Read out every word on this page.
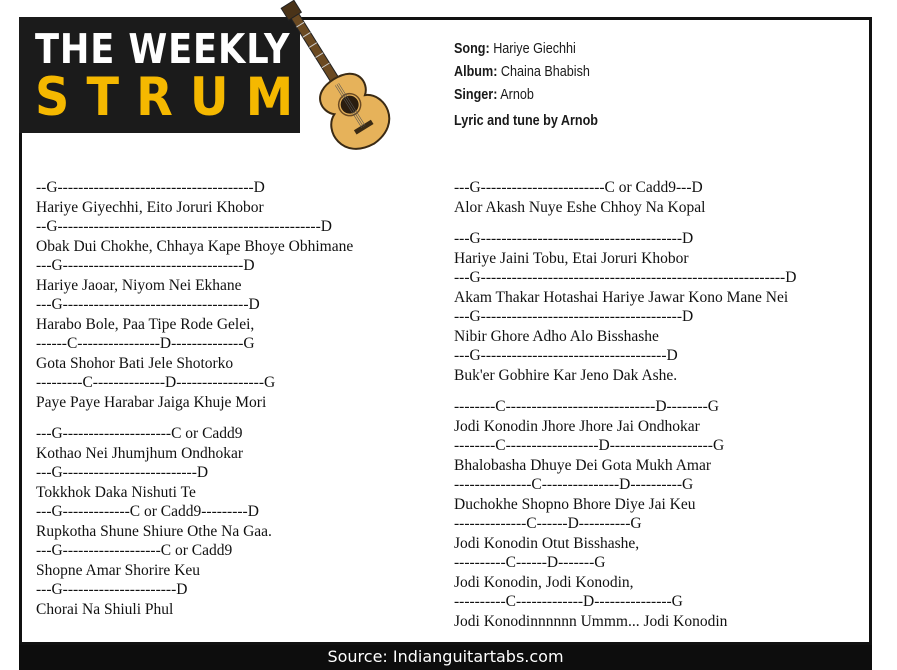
THE WEEKLY
STRUM
Song: Hariye Giechhi
Album: Chaina Bhabish
Singer: Arnob
Lyric and tune by Arnob
--G--------------------------------------D
Hariye Giyechhi, Eito Joruri Khobor
--G---------------------------------------------------D
Obak Dui Chokhe, Chhaya Kape Bhoye Obhimane
---G-----------------------------------D
Hariye Jaoar, Niyom Nei Ekhane
---G------------------------------------D
Harabo Bole, Paa Tipe Rode Gelei,
------C----------------D--------------G
Gota Shohor Bati Jele Shotorko
---------C--------------D-----------------G
Paye Paye Harabar Jaiga Khuje Mori
---G---------------------C or Cadd9
Kothao Nei Jhumjhum Ondhokar
---G--------------------------D
Tokkhok Daka Nishuti Te
---G-------------C or Cadd9---------D
Rupkotha Shune Shiure Othe Na Gaa.
---G-------------------C or Cadd9
Shopne Amar Shorire Keu
---G----------------------D
Chorai Na Shiuli Phul
---G------------------------C or Cadd9---D
Alor Akash Nuye Eshe Chhoy Na Kopal
---G---------------------------------------D
Hariye Jaini Tobu, Etai Joruri Khobor
---G-----------------------------------------------------------D
Akam Thakar Hotashai Hariye Jawar Kono Mane Nei
---G---------------------------------------D
Nibir Ghore Adho Alo Bisshashe
---G------------------------------------D
Buk'er Gobhire Kar Jeno Dak Ashe.
--------C-----------------------------D--------G
Jodi Konodin Jhore Jhore Jai Ondhokar
--------C------------------D--------------------G
Bhalobasha Dhuye Dei Gota Mukh Amar
---------------C---------------D----------G
Duchokhe Shopno Bhore Diye Jai Keu
--------------C------D----------G
Jodi Konodin Otut Bisshashe,
----------C------D-------G
Jodi Konodin, Jodi Konodin,
----------C-------------D---------------G
Jodi Konodinnnnnn Ummm... Jodi Konodin
Source: Indianguitartabs.com
